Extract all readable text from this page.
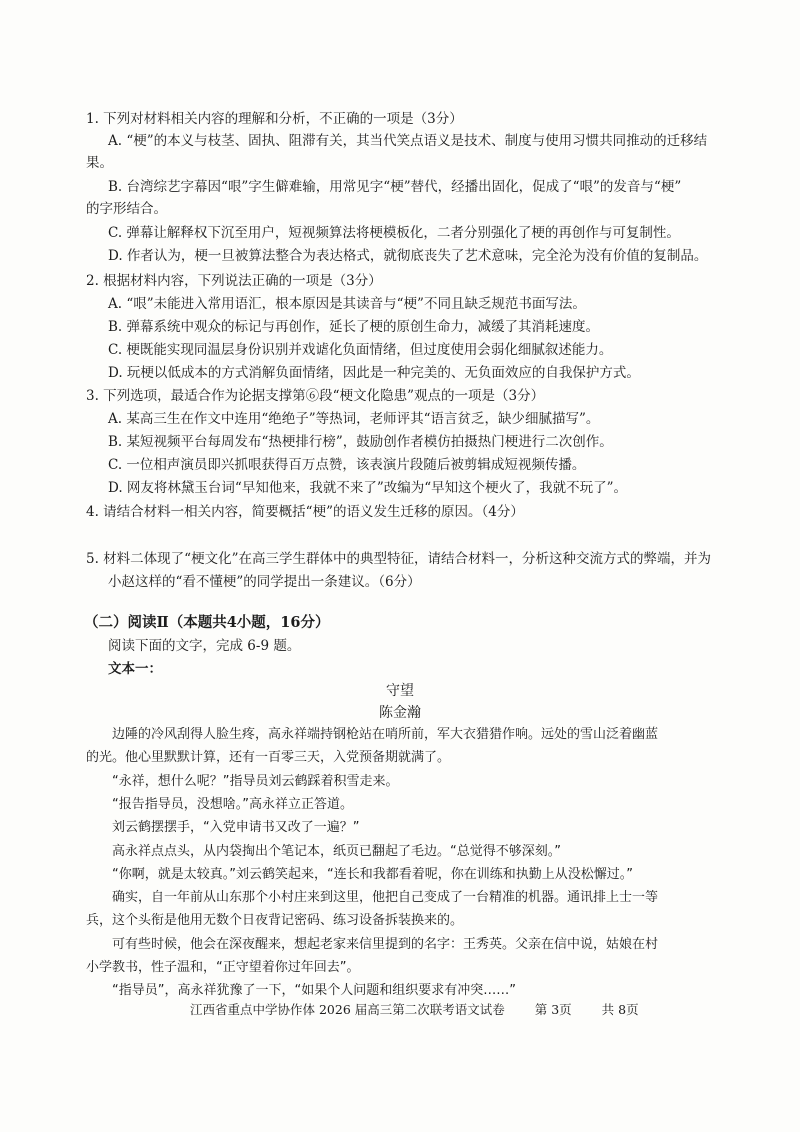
1. 下列对材料相关内容的理解和分析，不正确的一项是（3分）
A. “梗”的本义与枝茎、固执、阻滞有关，其当代笑点语义是技术、制度与使用习惯共同推动的迁移结
果。
B. 台湾综艺字幕因“哏”字生僻难输，用常见字“梗”替代，经播出固化，促成了“哏”的发音与“梗”
的字形结合。
C. 弹幕让解释权下沉至用户，短视频算法将梗模板化，二者分别强化了梗的再创作与可复制性。
D. 作者认为，梗一旦被算法整合为表达格式，就彻底丧失了艺术意味，完全沦为没有价值的复制品。
2. 根据材料内容，下列说法正确的一项是（3分）
A. “哏”未能进入常用语汇，根本原因是其读音与“梗”不同且缺乏规范书面写法。
B. 弹幕系统中观众的标记与再创作，延长了梗的原创生命力，减缓了其消耗速度。
C. 梗既能实现同温层身份识别并戏谑化负面情绪，但过度使用会弱化细腻叙述能力。
D. 玩梗以低成本的方式消解负面情绪，因此是一种完美的、无负面效应的自我保护方式。
3. 下列选项，最适合作为论据支撑第⑥段“梗文化隐患”观点的一项是（3分）
A. 某高三生在作文中连用“绝绝子”等热词，老师评其“语言贫乏，缺少细腻描写”。
B. 某短视频平台每周发布“热梗排行榜”，鼓励创作者模仿拍摄热门梗进行二次创作。
C. 一位相声演员即兴抓哏获得百万点赞，该表演片段随后被剪辑成短视频传播。
D. 网友将林黛玉台词“早知他来，我就不来了”改编为“早知这个梗火了，我就不玩了”。
4. 请结合材料一相关内容，简要概括“梗”的语义发生迁移的原因。（4分）
5. 材料二体现了“梗文化”在高三学生群体中的典型特征，请结合材料一，分析这种交流方式的弊端，并为
小赵这样的“看不懂梗”的同学提出一条建议。（6分）
（二）阅读Ⅱ（本题共4小题，16分）
阅读下面的文字，完成 6-9 题。
文本一：
守望
陈金瀚
边陲的冷风刮得人脸生疼，高永祥端持钢枪站在哨所前，军大衣猎猎作响。远处的雪山泛着幽蓝
的光。他心里默默计算，还有一百零三天，入党预备期就满了。
“永祥，想什么呢？”指导员刘云鹤踩着积雪走来。
“报告指导员，没想啥。”高永祥立正答道。
刘云鹤摆摆手，“入党申请书又改了一遍？”
高永祥点点头，从内袋掏出个笔记本，纸页已翻起了毛边。“总觉得不够深刻。”
“你啊，就是太较真。”刘云鹤笑起来，“连长和我都看着呢，你在训练和执勤上从没松懈过。”
确实，自一年前从山东那个小村庄来到这里，他把自己变成了一台精准的机器。通讯排上士一等
兵，这个头衔是他用无数个日夜背记密码、练习设备拆装换来的。
可有些时候，他会在深夜醒来，想起老家来信里提到的名字：王秀英。父亲在信中说，姑娘在村
小学教书，性子温和，“正守望着你过年回去”。
“指导员”，高永祥犹豫了一下，“如果个人问题和组织要求有冲突……”
江西省重点中学协作体 2026 届高三第二次联考语文试卷 第 3页 共 8页
